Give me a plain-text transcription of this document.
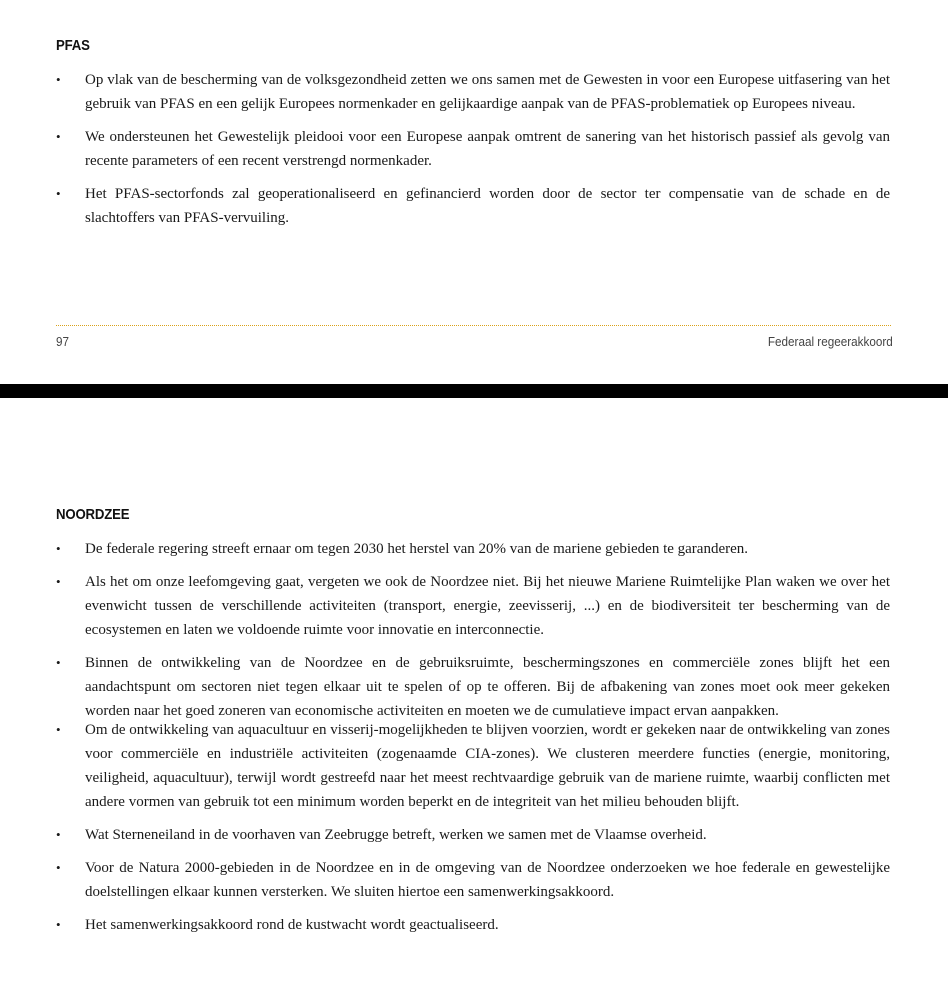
PFAS
• Op vlak van de bescherming van de volksgezondheid zetten we ons samen met de Gewesten in voor een Europese uitfasering van het gebruik van PFAS en een gelijk Europees normenkader en gelijkaardige aanpak van de PFAS-problematiek op Europees niveau.
• We ondersteunen het Gewestelijk pleidooi voor een Europese aanpak omtrent de sanering van het historisch passief als gevolg van recente parameters of een recent verstrengd normenkader.
• Het PFAS-sectorfonds zal geoperationaliseerd en gefinancierd worden door de sector ter compensatie van de schade en de slachtoffers van PFAS-vervuiling.
97	Federaal regeerakkoord
NOORDZEE
• De federale regering streeft ernaar om tegen 2030 het herstel van 20% van de mariene gebieden te garanderen.
• Als het om onze leefomgeving gaat, vergeten we ook de Noordzee niet. Bij het nieuwe Mariene Ruimtelijke Plan waken we over het evenwicht tussen de verschillende activiteiten (transport, energie, zeevisserij, ...) en de biodiversiteit ter bescherming van de ecosystemen en laten we voldoende ruimte voor innovatie en interconnectie.
• Binnen de ontwikkeling van de Noordzee en de gebruiksruimte, beschermingszones en commerciële zones blijft het een aandachtspunt om sectoren niet tegen elkaar uit te spelen of op te offeren. Bij de afbakening van zones moet ook meer gekeken worden naar het goed zoneren van economische activiteiten en moeten we de cumulatieve impact ervan aanpakken.
• Om de ontwikkeling van aquacultuur en visserij-mogelijkheden te blijven voorzien, wordt er gekeken naar de ontwikkeling van zones voor commerciële en industriële activiteiten (zogenaamde CIA-zones). We clusteren meerdere functies (energie, monitoring, veiligheid, aquacultuur), terwijl wordt gestreefd naar het meest rechtvaardige gebruik van de mariene ruimte, waarbij conflicten met andere vormen van gebruik tot een minimum worden beperkt en de integriteit van het milieu behouden blijft.
• Wat Sterneneiland in de voorhaven van Zeebrugge betreft, werken we samen met de Vlaamse overheid.
• Voor de Natura 2000-gebieden in de Noordzee en in de omgeving van de Noordzee onderzoeken we hoe federale en gewestelijke doelstellingen elkaar kunnen versterken. We sluiten hiertoe een samenwerkingsakkoord.
• Het samenwerkingsakkoord rond de kustwacht wordt geactualiseerd.
